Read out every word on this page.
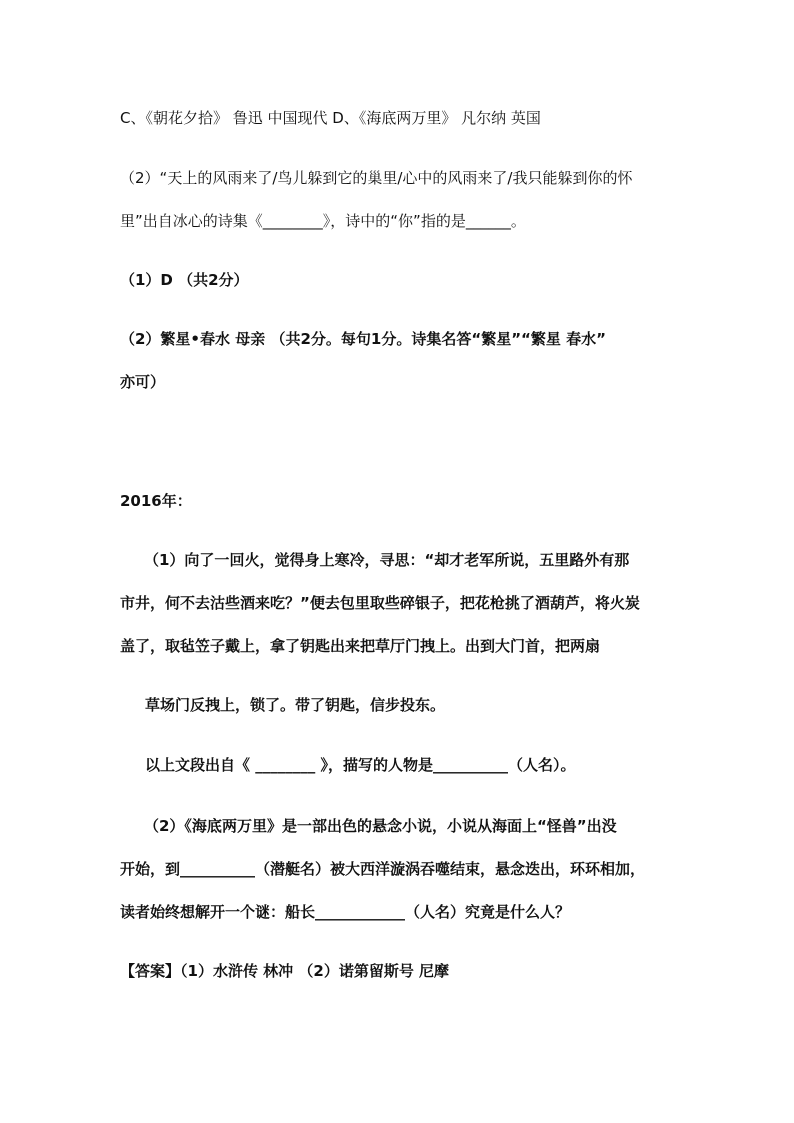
C、《朝花夕拾》 鲁迅 中国现代 D、《海底两万里》 凡尔纳 英国
（2）“天上的风雨来了/鸟儿躲到它的巢里/心中的风雨来了/我只能躲到你的怀
里”出自冰心的诗集《________》，诗中的“你”指的是______。
（1）D （共2分）
（2）繁星•春水 母亲 （共2分。每句1分。诗集名答“繁星”“繁星 春水”
亦可）
2016年：
（1）向了一回火，觉得身上寒冷，寻思：“却才老军所说，五里路外有那
市井，何不去沽些酒来吃？”便去包里取些碎银子，把花枪挑了酒葫芦，将火炭
盖了，取毡笠子戴上，拿了钥匙出来把草厅门拽上。出到大门首，把两扇
草场门反拽上，锁了。带了钥匙，信步投东。
以上文段出自《 ________ 》，描写的人物是__________（人名）。
（2）《海底两万里》是一部出色的悬念小说，小说从海面上“怪兽”出没
开始，到__________（潜艇名）被大西洋漩涡吞噬结束，悬念迭出，环环相加，
读者始终想解开一个谜：船长____________（人名）究竟是什么人？
【答案】（1）水浒传 林冲 （2）诺第留斯号 尼摩
